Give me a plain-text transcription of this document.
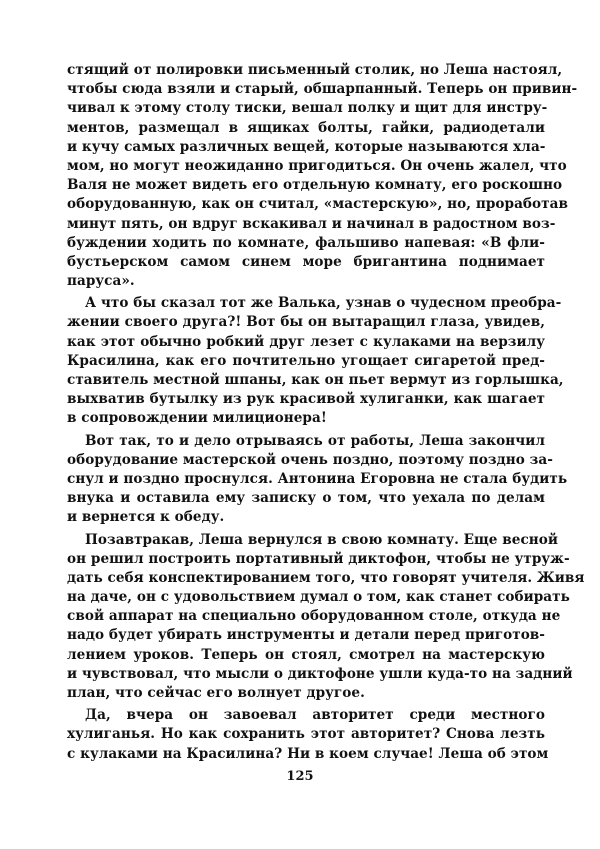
стящий от полировки письменный столик, но Леша настоял,
чтобы сюда взяли и старый, обшарпанный. Теперь он привин-
чивал к этому столу тиски, вешал полку и щит для инстру-
ментов, размещал в ящиках болты, гайки, радиодетали
и кучу самых различных вещей, которые называются хла-
мом, но могут неожиданно пригодиться. Он очень жалел, что
Валя не может видеть его отдельную комнату, его роскошно
оборудованную, как он считал, «мастерскую», но, проработав
минут пять, он вдруг вскакивал и начинал в радостном воз-
буждении ходить по комнате, фальшиво напевая: «В фли-
бустьерском самом синем море бригантина поднимает
паруса».

А что бы сказал тот же Валька, узнав о чудесном преобра-
жении своего друга?! Вот бы он вытаращил глаза, увидев,
как этот обычно робкий друг лезет с кулаками на верзилу
Красилина, как его почтительно угощает сигаретой пред-
ставитель местной шпаны, как он пьет вермут из горлышка,
выхватив бутылку из рук красивой хулиганки, как шагает
в сопровождении милиционера!

Вот так, то и дело отрываясь от работы, Леша закончил
оборудование мастерской очень поздно, поэтому поздно за-
снул и поздно проснулся. Антонина Егоровна не стала будить
внука и оставила ему записку о том, что уехала по делам
и вернется к обеду.

Позавтракав, Леша вернулся в свою комнату. Еще весной
он решил построить портативный диктофон, чтобы не утруж-
дать себя конспектированием того, что говорят учителя. Живя
на даче, он с удовольствием думал о том, как станет собирать
свой аппарат на специально оборудованном столе, откуда не
надо будет убирать инструменты и детали перед приготов-
лением уроков. Теперь он стоял, смотрел на мастерскую
и чувствовал, что мысли о диктофоне ушли куда-то на задний
план, что сейчас его волнует другое.

Да, вчера он завоевал авторитет среди местного
хулиганья. Но как сохранить этот авторитет? Снова лезть
с кулаками на Красилина? Ни в коем случае! Леша об этом

125
